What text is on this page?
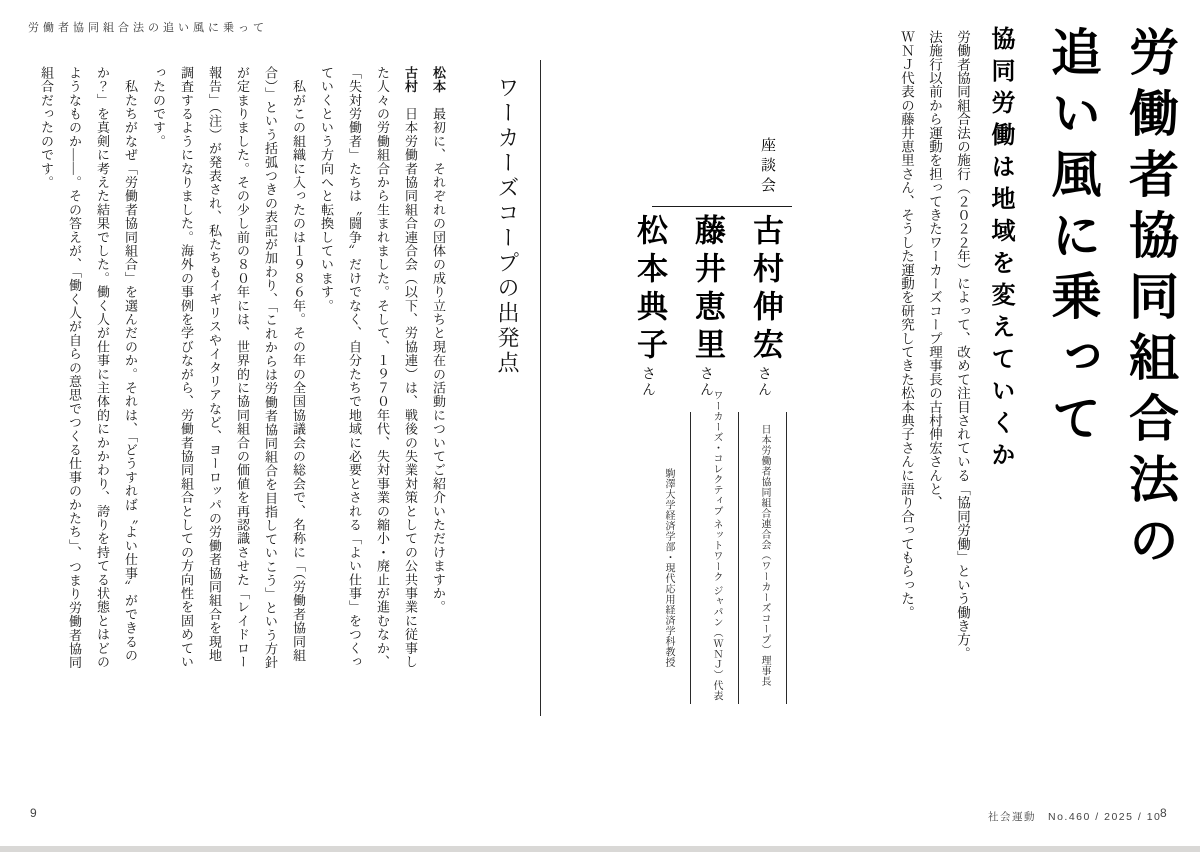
労働者協同組合法の追い風に乗って	労働者協同組合法の
追い風に乗って
協同労働は地域を変えていくか
労働者協同組合法の施行（２０２２年）によって、改めて注目されている「協同労働」という働き方。
法施行以前から運動を担ってきたワーカーズコープ理事長の古村伸宏さんと、
ＷＮＪ代表の藤井恵里さん、そうした運動を研究してきた松本典子さんに語り合ってもらった。
座談会
古村伸宏さん
藤井恵里さん
松本典子さん
日本労働者協同組合連合会（ワーカーズコープ）理事長
ワーカーズ・コレクティブ ネットワーク ジャパン（ＷＮＪ）代表
駒澤大学経済学部・現代応用経済学科教授
ワーカーズコープの出発点

松本　最初に、それぞれの団体の成り立ちと現在の活動についてご紹介いただけますか。

古村　日本労働者協同組合連合会（以下、労協連）は、戦後の失業対策としての公共事業に従事した人々の労働組合から生まれました。そして、１９７０年代、失対事業の縮小・廃止が進むなか、「失対労働者」たちは〝闘争〟だけでなく、自分たちで地域に必要とされる「よい仕事」をつくっていくという方向へと転換しています。

　私がこの組織に入ったのは１９８６年。その年の全国協議会の総会で、名称に「（労働者協同組合）」という括弧つきの表記が加わり、「これからは労働者協同組合を目指していこう」という方針が定まりました。その少し前の８０年には、世界的に協同組合の価値を再認識させた「レイドロー報告」（注）が発表され、私たちもイギリスやイタリアなど、ヨーロッパの労働者協同組合を現地調査するようになりました。海外の事例を学びながら、労働者協同組合としての方向性を固めていったのです。

　私たちがなぜ「労働者協同組合」を選んだのか。それは、「どうすれば〝よい仕事〟ができるのか？」を真剣に考えた結果でした。働く人が仕事に主体的にかかわり、誇りを持てる状態とはどのようなものか――。その答えが、「働く人が自らの意思でつくる仕事のかたち」、つまり労働者協同組合だったのです。

9	社会運動　No.460 / 2025 / 10
8
